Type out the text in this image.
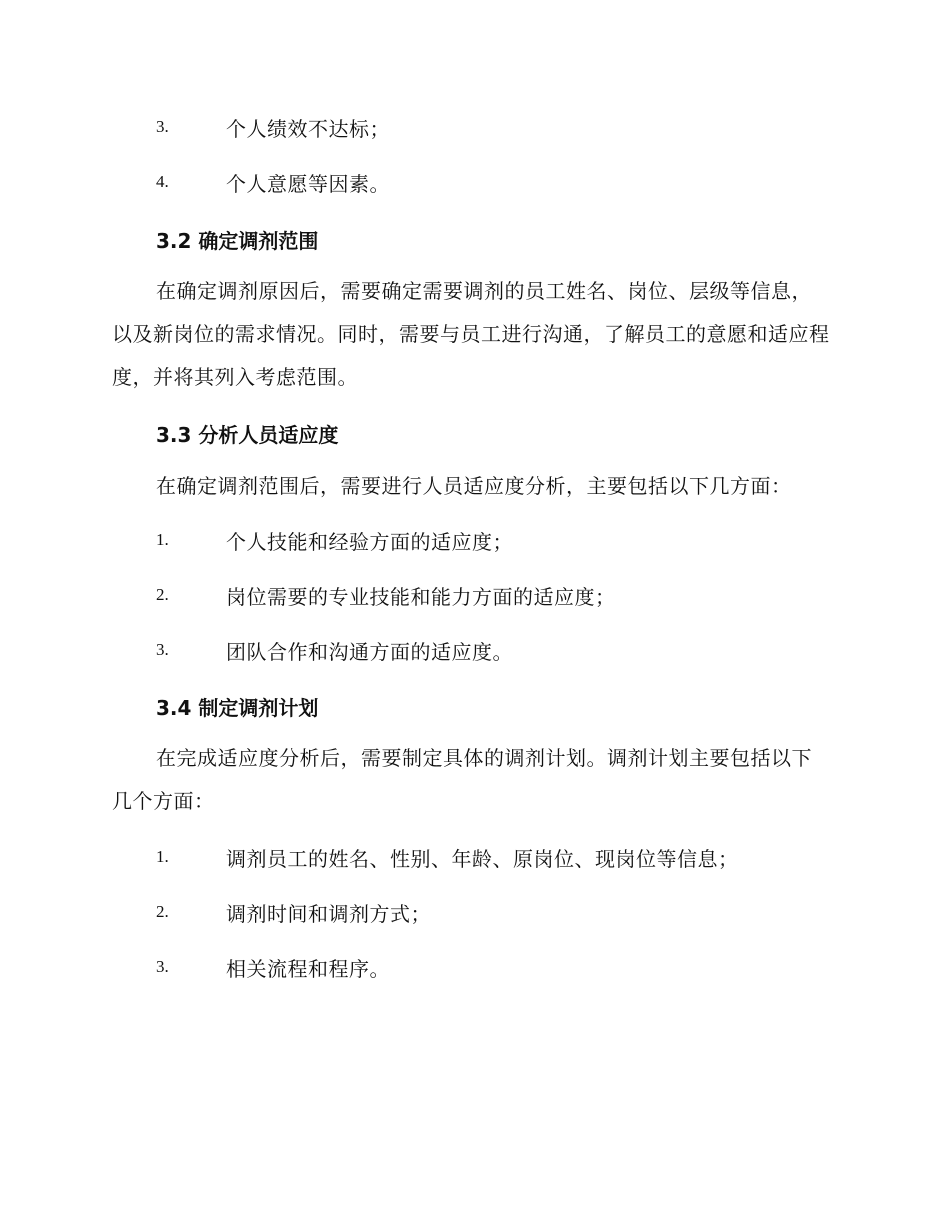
3.	个人绩效不达标；
4.	个人意愿等因素。
3.2 确定调剂范围

在确定调剂原因后，需要确定需要调剂的员工姓名、岗位、层级等信息，以及新岗位的需求情况。同时，需要与员工进行沟通，了解员工的意愿和适应程度，并将其列入考虑范围。

3.3 分析人员适应度

在确定调剂范围后，需要进行人员适应度分析，主要包括以下几方面：

1.	个人技能和经验方面的适应度；
2.	岗位需要的专业技能和能力方面的适应度；
3.	团队合作和沟通方面的适应度。
3.4 制定调剂计划

在完成适应度分析后，需要制定具体的调剂计划。调剂计划主要包括以下几个方面：

1.	调剂员工的姓名、性别、年龄、原岗位、现岗位等信息；
2.	调剂时间和调剂方式；
3.	相关流程和程序。
